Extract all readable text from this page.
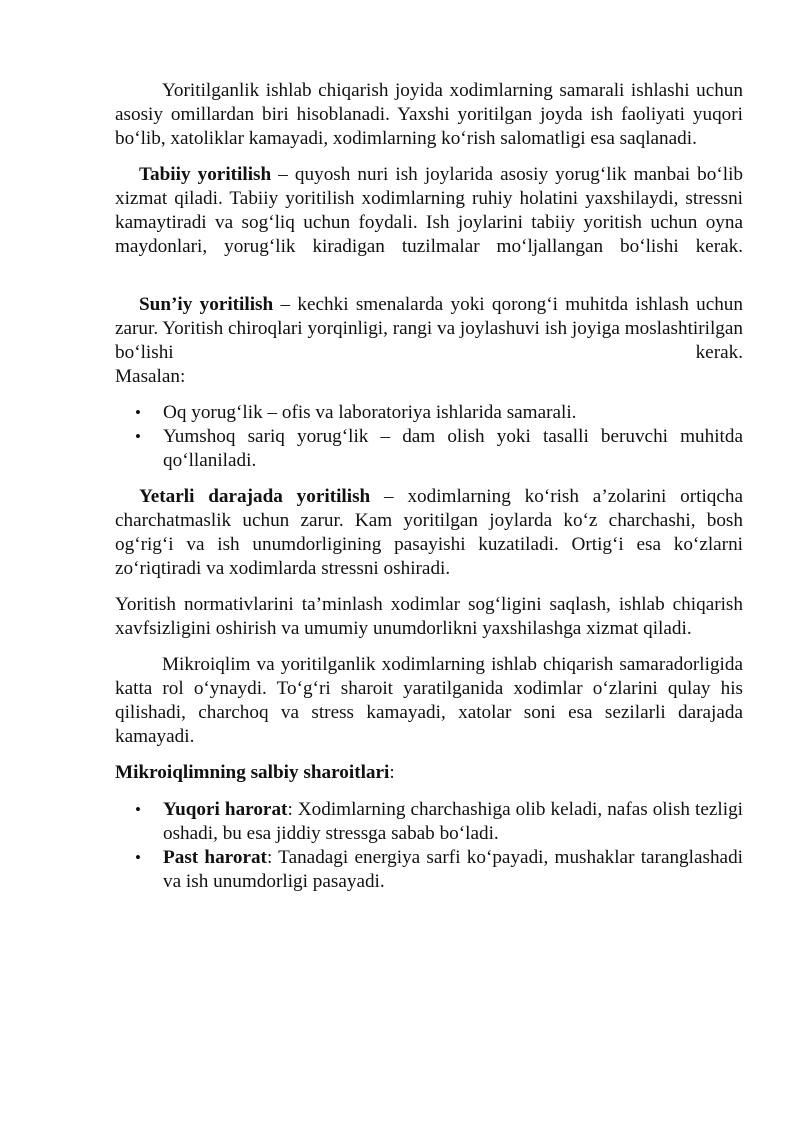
Yoritilganlik ishlab chiqarish joyida xodimlarning samarali ishlashi uchun asosiy omillardan biri hisoblanadi. Yaxshi yoritilgan joyda ish faoliyati yuqori bo‘lib, xatoliklar kamayadi, xodimlarning ko‘rish salomatligi esa saqlanadi.

Tabiiy yoritilish – quyosh nuri ish joylarida asosiy yorug‘lik manbai bo‘lib xizmat qiladi. Tabiiy yoritilish xodimlarning ruhiy holatini yaxshilaydi, stressni kamaytiradi va sog‘liq uchun foydali. Ish joylarini tabiiy yoritish uchun oyna maydonlari, yorug‘lik kiradigan tuzilmalar mo‘ljallangan bo‘lishi kerak.

Sun’iy yoritilish – kechki smenalarda yoki qorong‘i muhitda ishlash uchun zarur. Yoritish chiroqlari yorqinligi, rangi va joylashuvi ish joyiga moslashtirilgan bo‘lishi kerak.

Masalan:

• Oq yorug‘lik – ofis va laboratoriya ishlarida samarali.
• Yumshoq sariq yorug‘lik – dam olish yoki tasalli beruvchi muhitda qo‘llaniladi.

Yetarli darajada yoritilish – xodimlarning ko‘rish a’zolarini ortiqcha charchatmaslik uchun zarur. Kam yoritilgan joylarda ko‘z charchashi, bosh og‘rig‘i va ish unumdorligining pasayishi kuzatiladi. Ortig‘i esa ko‘zlarni zo‘riqtiradi va xodimlarda stressni oshiradi.

Yoritish normativlarini ta’minlash xodimlar sog‘ligini saqlash, ishlab chiqarish xavfsizligini oshirish va umumiy unumdorlikni yaxshilashga xizmat qiladi.

Mikroiqlim va yoritilganlik xodimlarning ishlab chiqarish samaradorligida katta rol o‘ynaydi. To‘g‘ri sharoit yaratilganida xodimlar o‘zlarini qulay his qilishadi, charchoq va stress kamayadi, xatolar soni esa sezilarli darajada kamayadi.

Mikroiqlimning salbiy sharoitlari:

• Yuqori harorat: Xodimlarning charchashiga olib keladi, nafas olish tezligi oshadi, bu esa jiddiy stressga sabab bo‘ladi.
• Past harorat: Tanadagi energiya sarfi ko‘payadi, mushaklar taranglashadi va ish unumdorligi pasayadi.
